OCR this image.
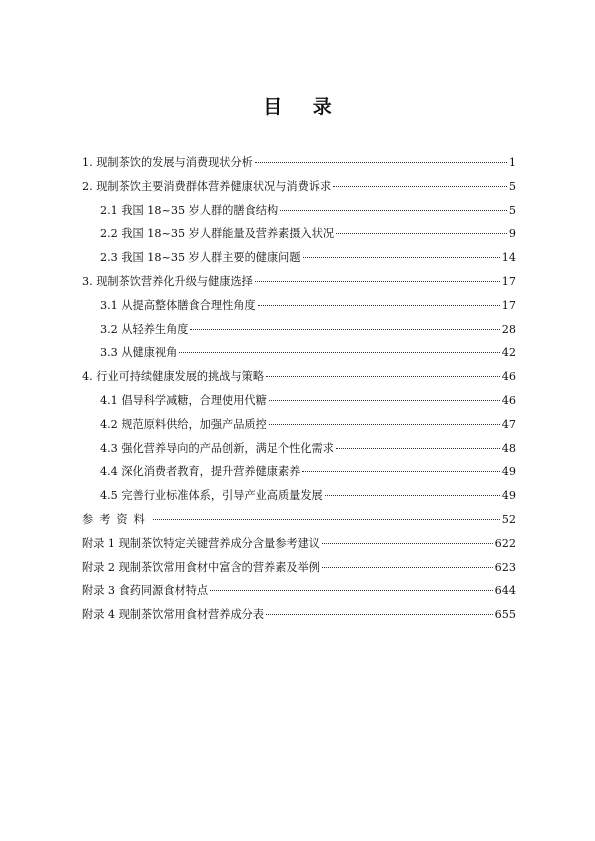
目 录
1. 现制茶饮的发展与消费现状分析	1
2. 现制茶饮主要消费群体营养健康状况与消费诉求	5
2.1 我国 18~35 岁人群的膳食结构	5
2.2 我国 18~35 岁人群能量及营养素摄入状况	9
2.3 我国 18~35 岁人群主要的健康问题	14
3. 现制茶饮营养化升级与健康选择	17
3.1 从提高整体膳食合理性角度	17
3.2 从轻养生角度	28
3.3 从健康视角	42
4. 行业可持续健康发展的挑战与策略	46
4.1 倡导科学减糖，合理使用代糖	46
4.2 规范原料供给，加强产品质控	47
4.3 强化营养导向的产品创新，满足个性化需求	48
4.4 深化消费者教育，提升营养健康素养	49
4.5 完善行业标准体系，引导产业高质量发展	49
参考资料	52
附录 1 现制茶饮特定关键营养成分含量参考建议	622
附录 2 现制茶饮常用食材中富含的营养素及举例	623
附录 3 食药同源食材特点	644
附录 4 现制茶饮常用食材营养成分表	655
